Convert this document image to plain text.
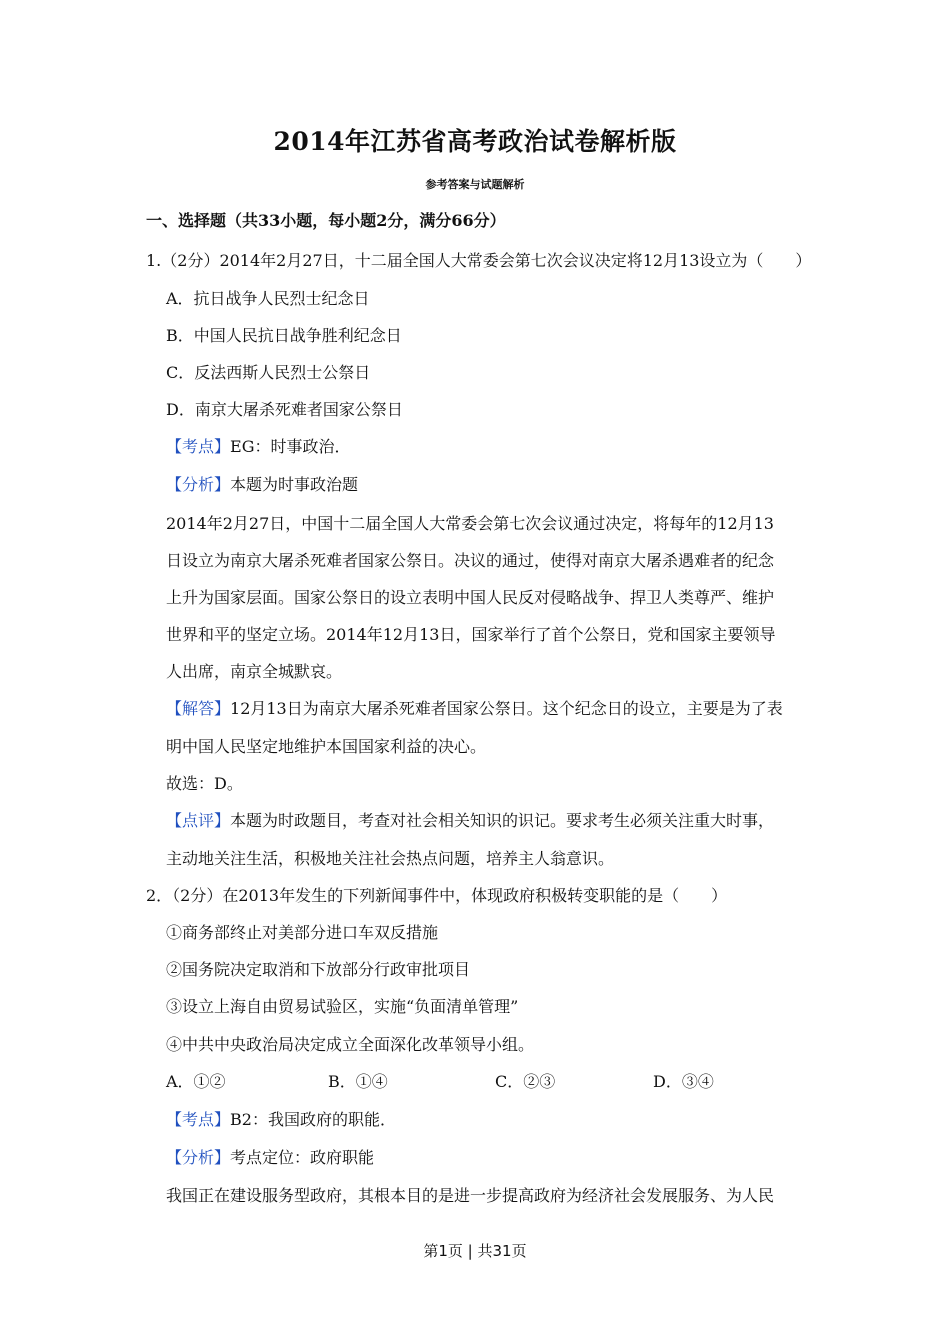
2014年江苏省高考政治试卷解析版
参考答案与试题解析
一、选择题（共33小题，每小题2分，满分66分）
1.（2分）2014年2月27日，十二届全国人大常委会第七次会议决定将12月13设立为（　　）
A．抗日战争人民烈士纪念日
B．中国人民抗日战争胜利纪念日
C．反法西斯人民烈士公祭日
D．南京大屠杀死难者国家公祭日
【考点】EG：时事政治．
【分析】本题为时事政治题
2014年2月27日，中国十二届全国人大常委会第七次会议通过决定，将每年的12月13
日设立为南京大屠杀死难者国家公祭日。决议的通过，使得对南京大屠杀遇难者的纪念
上升为国家层面。国家公祭日的设立表明中国人民反对侵略战争、捍卫人类尊严、维护
世界和平的坚定立场。2014年12月13日，国家举行了首个公祭日，党和国家主要领导
人出席，南京全城默哀。
【解答】12月13日为南京大屠杀死难者国家公祭日。这个纪念日的设立，主要是为了表
明中国人民坚定地维护本国国家利益的决心。
故选：D。
【点评】本题为时政题目，考查对社会相关知识的识记。要求考生必须关注重大时事，
主动地关注生活，积极地关注社会热点问题，培养主人翁意识。
2．（2分）在2013年发生的下列新闻事件中，体现政府积极转变职能的是（　　）
①商务部终止对美部分进口车双反措施
②国务院决定取消和下放部分行政审批项目
③设立上海自由贸易试验区，实施“负面清单管理”
④中共中央政治局决定成立全面深化改革领导小组。
A．①②	B．①④	C．②③	D．③④
【考点】B2：我国政府的职能．
【分析】考点定位：政府职能
我国正在建设服务型政府，其根本目的是进一步提高政府为经济社会发展服务、为人民
第1页 | 共31页
